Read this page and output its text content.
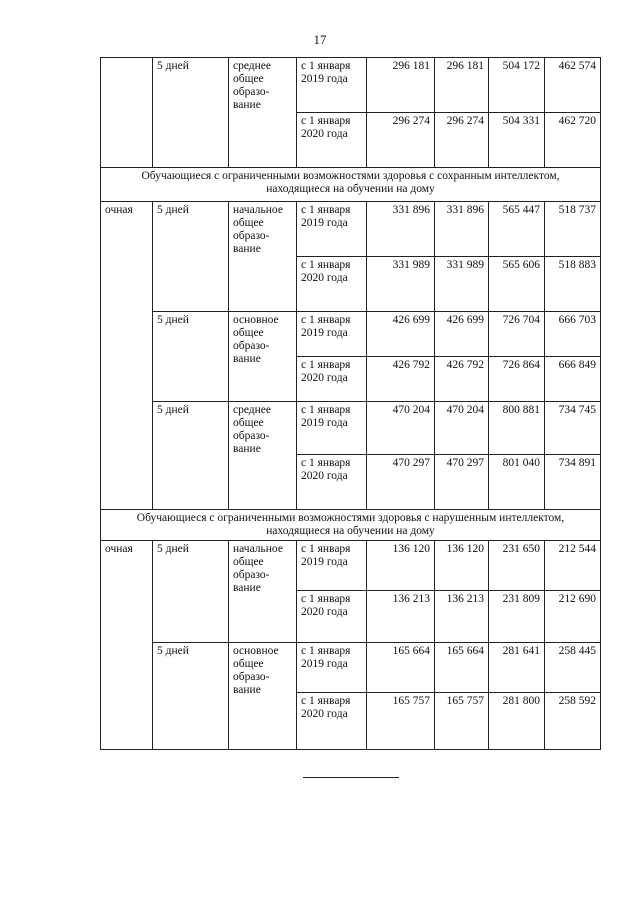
17
	5 дней	среднее
общее
образо-
вание	с 1 января
2019 года	296 181	296 181	504 172	462 574
			с 1 января
2020 года	296 274	296 274	504 331	462 720
Обучающиеся с ограниченными возможностями здоровья с сохранным интеллектом,
находящиеся на обучении на дому							
очная	5 дней	начальное
общее
образо-
вание	с 1 января
2019 года	331 896	331 896	565 447	518 737
			с 1 января
2020 года	331 989	331 989	565 606	518 883
	5 дней	основное
общее
образо-
вание	с 1 января
2019 года	426 699	426 699	726 704	666 703
			с 1 января
2020 года	426 792	426 792	726 864	666 849
	5 дней	среднее
общее
образо-
вание	с 1 января
2019 года	470 204	470 204	800 881	734 745
			с 1 января
2020 года	470 297	470 297	801 040	734 891
Обучающиеся с ограниченными возможностями здоровья с нарушенным интеллектом,
находящиеся на обучении на дому							
очная	5 дней	начальное
общее
образо-
вание	с 1 января
2019 года	136 120	136 120	231 650	212 544
			с 1 января
2020 года	136 213	136 213	231 809	212 690
	5 дней	основное
общее
образо-
вание	с 1 января
2019 года	165 664	165 664	281 641	258 445
			с 1 января
2020 года	165 757	165 757	281 800	258 592
